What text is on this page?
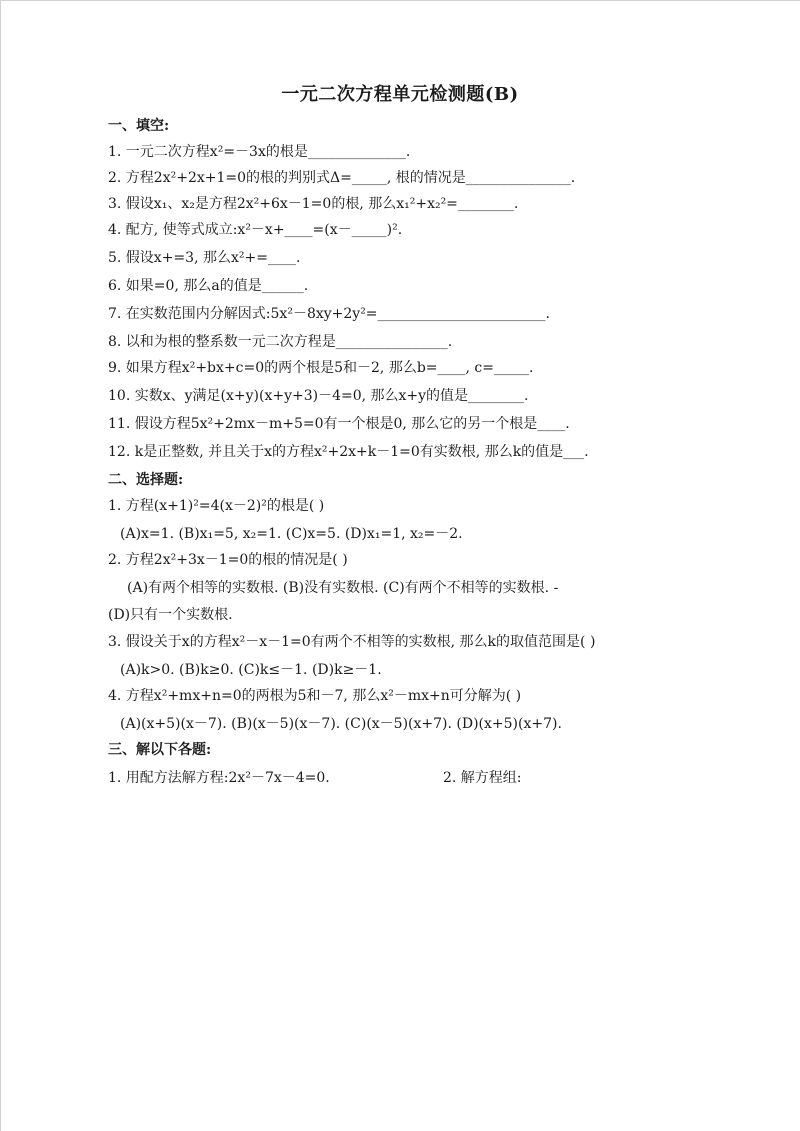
一元二次方程单元检测题(B)
一、填空:
1. 一元二次方程x²=－3x的根是______________.
2. 方程2x²+2x+1=0的根的判别式Δ=_____, 根的情况是_______________.
3. 假设x₁、x₂是方程2x²+6x－1=0的根, 那么x₁²+x₂²=________.
4. 配方, 使等式成立:x²－x+____=(x－_____)².
5. 假设x+=3, 那么x²+=____.
6. 如果=0, 那么a的值是______.
7. 在实数范围内分解因式:5x²－8xy+2y²=________________________.
8. 以和为根的整系数一元二次方程是________________.
9. 如果方程x²+bx+c=0的两个根是5和－2, 那么b=____, c=_____.
10. 实数x、y满足(x+y)(x+y+3)－4=0, 那么x+y的值是________.
11. 假设方程5x²+2mx－m+5=0有一个根是0, 那么它的另一个根是____.
12. k是正整数, 并且关于x的方程x²+2x+k－1=0有实数根, 那么k的值是___.
二、选择题:
1. 方程(x+1)²=4(x－2)²的根是( )
(A)x=1. (B)x₁=5, x₂=1. (C)x=5. (D)x₁=1, x₂=－2.
2. 方程2x²+3x－1=0的根的情况是( )
(A)有两个相等的实数根. (B)没有实数根. (C)有两个不相等的实数根. -
(D)只有一个实数根.
3. 假设关于x的方程x²－x－1=0有两个不相等的实数根, 那么k的取值范围是( )
(A)k>0. (B)k≥0. (C)k≤－1. (D)k≥－1.
4. 方程x²+mx+n=0的两根为5和－7, 那么x²－mx+n可分解为( )
(A)(x+5)(x－7). (B)(x－5)(x－7). (C)(x－5)(x+7). (D)(x+5)(x+7).
三、解以下各题:
1. 用配方法解方程:2x²－7x－4=0.	2. 解方程组:
